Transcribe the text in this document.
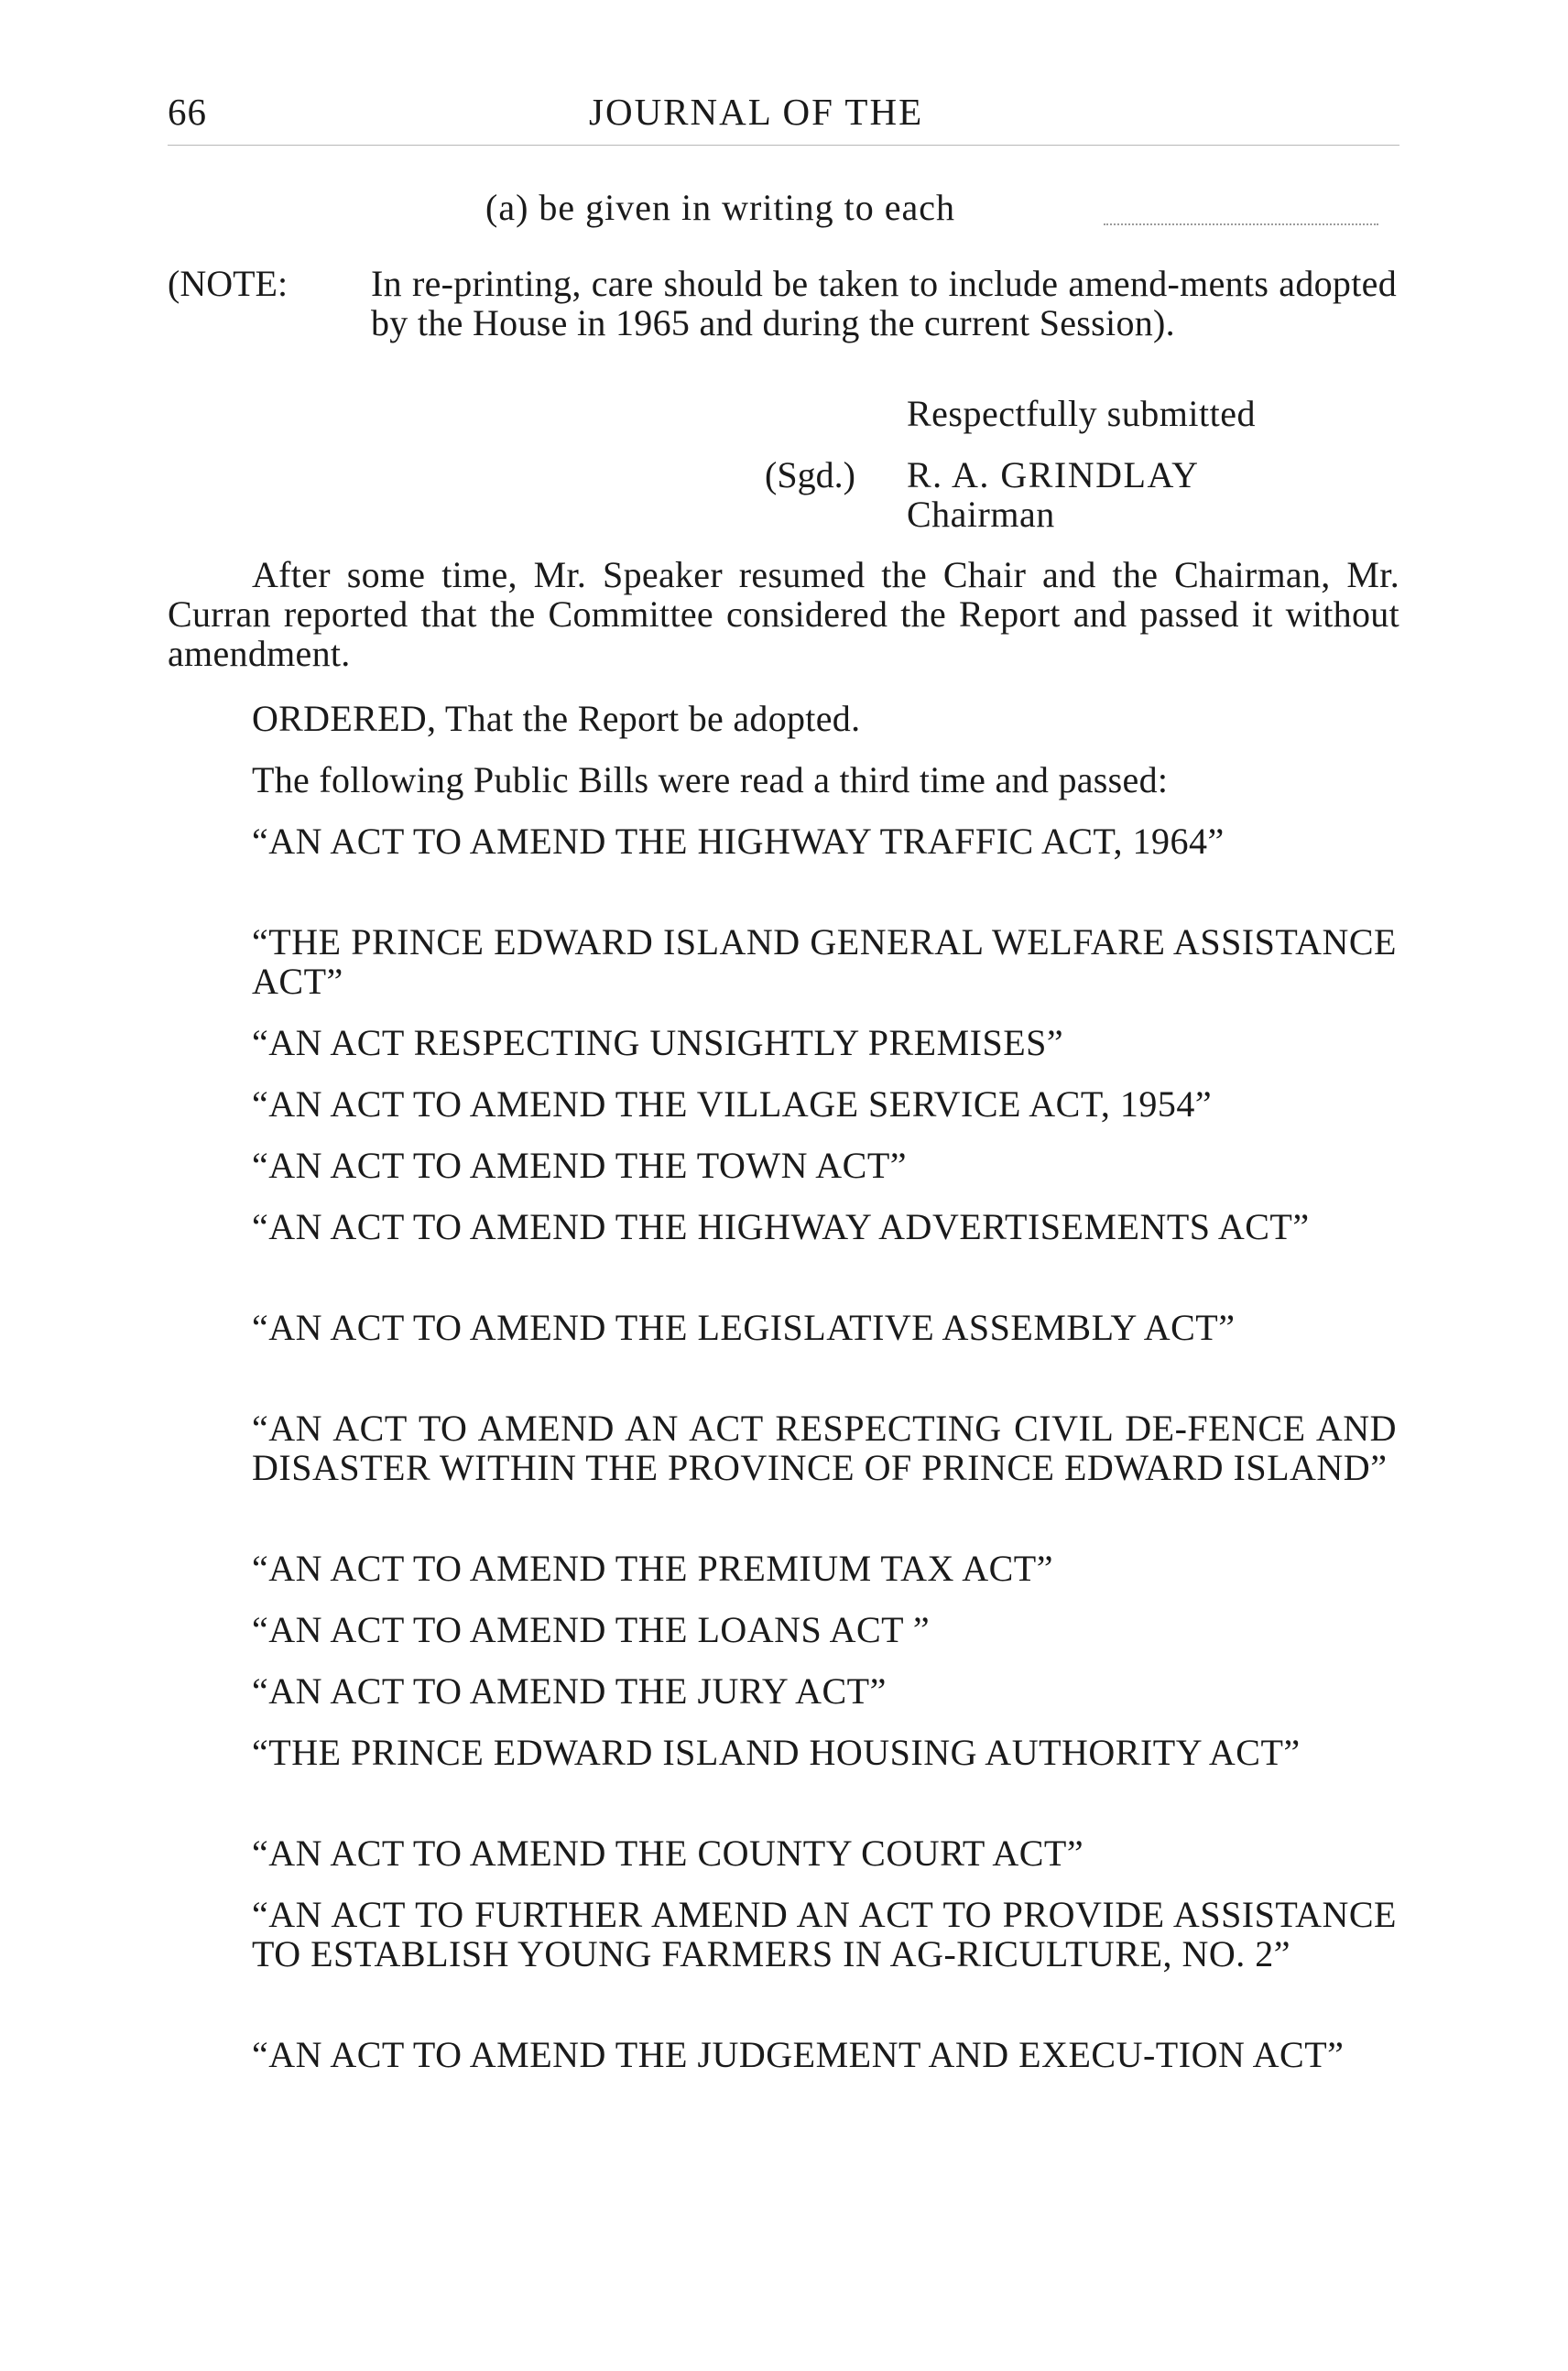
66	JOURNAL OF THE
(a) be given in writing to each
(NOTE: In re-printing, care should be taken to include amend-ments adopted by the House in 1965 and during the current Session).
Respectfully submitted
(Sgd.) R. A. GRINDLAY
Chairman
After some time, Mr. Speaker resumed the Chair and the Chairman, Mr. Curran reported that the Committee considered the Report and passed it without amendment.
ORDERED, That the Report be adopted.
The following Public Bills were read a third time and passed:
“AN ACT TO AMEND THE HIGHWAY TRAFFIC ACT, 1964”
“THE PRINCE EDWARD ISLAND GENERAL WELFARE ASSISTANCE ACT”
“AN ACT RESPECTING UNSIGHTLY PREMISES”
“AN ACT TO AMEND THE VILLAGE SERVICE ACT, 1954”
“AN ACT TO AMEND THE TOWN ACT”
“AN ACT TO AMEND THE HIGHWAY ADVERTISEMENTS ACT”
“AN ACT TO AMEND THE LEGISLATIVE ASSEMBLY ACT”
“AN ACT TO AMEND AN ACT RESPECTING CIVIL DE-FENCE AND DISASTER WITHIN THE PROVINCE OF PRINCE EDWARD ISLAND”
“AN ACT TO AMEND THE PREMIUM TAX ACT”
“AN ACT TO AMEND THE LOANS ACT ”
“AN ACT TO AMEND THE JURY ACT”
“THE PRINCE EDWARD ISLAND HOUSING AUTHORITY ACT”
“AN ACT TO AMEND THE COUNTY COURT ACT”
“AN ACT TO FURTHER AMEND AN ACT TO PROVIDE ASSISTANCE TO ESTABLISH YOUNG FARMERS IN AG-RICULTURE, NO. 2”
“AN ACT TO AMEND THE JUDGEMENT AND EXECU-TION ACT”
